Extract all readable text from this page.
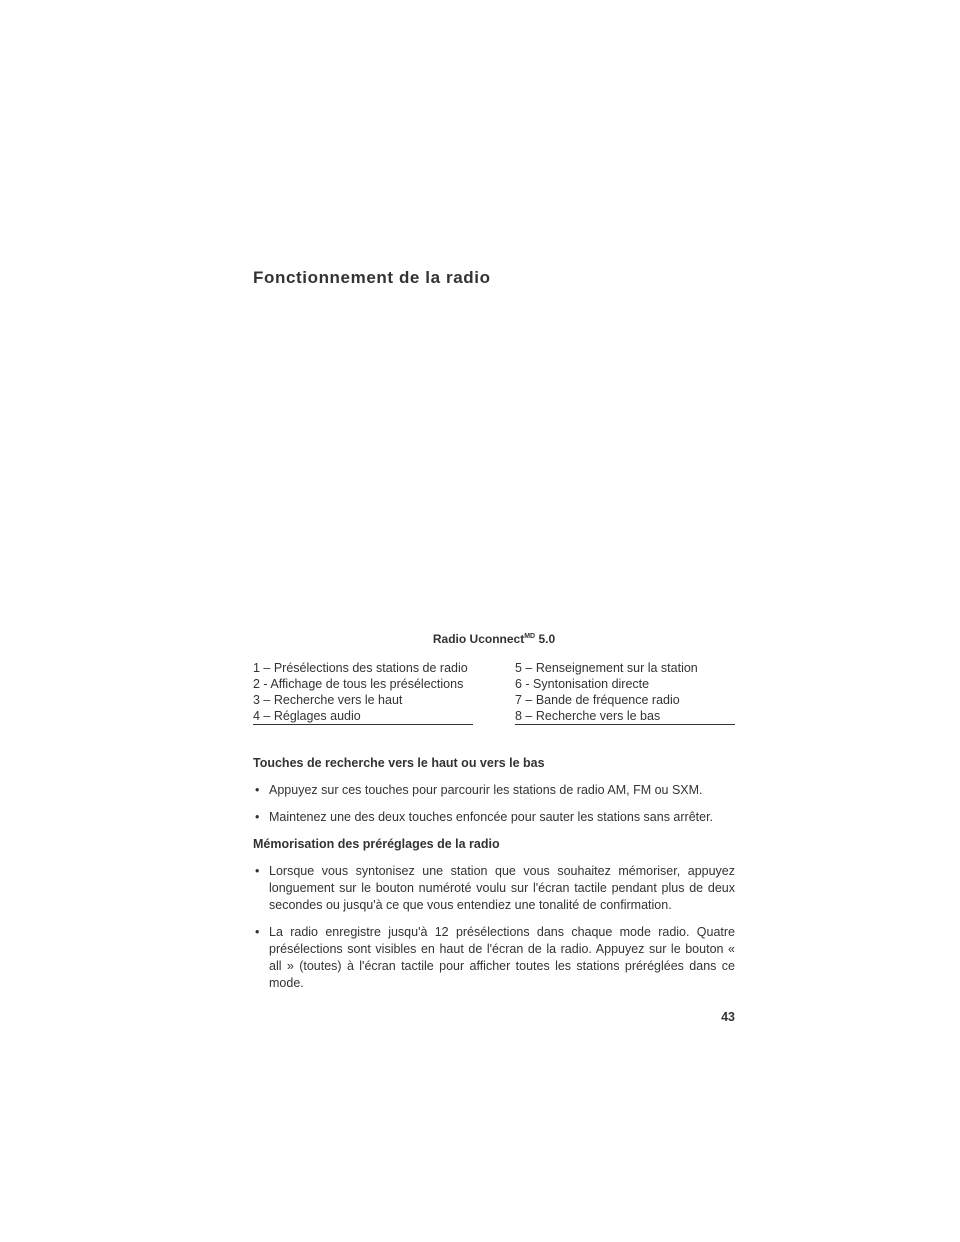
Fonctionnement de la radio
Radio Uconnect$^{MD}$ 5.0
1 – Présélections des stations de radio
2 - Affichage de tous les présélections
3 – Recherche vers le haut
4 – Réglages audio
5 – Renseignement sur la station
6 - Syntonisation directe
7 – Bande de fréquence radio
8 – Recherche vers le bas

Touches de recherche vers le haut ou vers le bas

• Appuyez sur ces touches pour parcourir les stations de radio AM, FM ou SXM.

• Maintenez une des deux touches enfoncée pour sauter les stations sans arrêter.

Mémorisation des préréglages de la radio

• Lorsque vous syntonisez une station que vous souhaitez mémoriser, appuyez longuement sur le bouton numéroté voulu sur l'écran tactile pendant plus de deux secondes ou jusqu'à ce que vous entendiez une tonalité de confirmation.

• La radio enregistre jusqu'à 12 présélections dans chaque mode radio. Quatre présélections sont visibles en haut de l'écran de la radio. Appuyez sur le bouton « all » (toutes) à l'écran tactile pour afficher toutes les stations préréglées dans ce mode.

43
